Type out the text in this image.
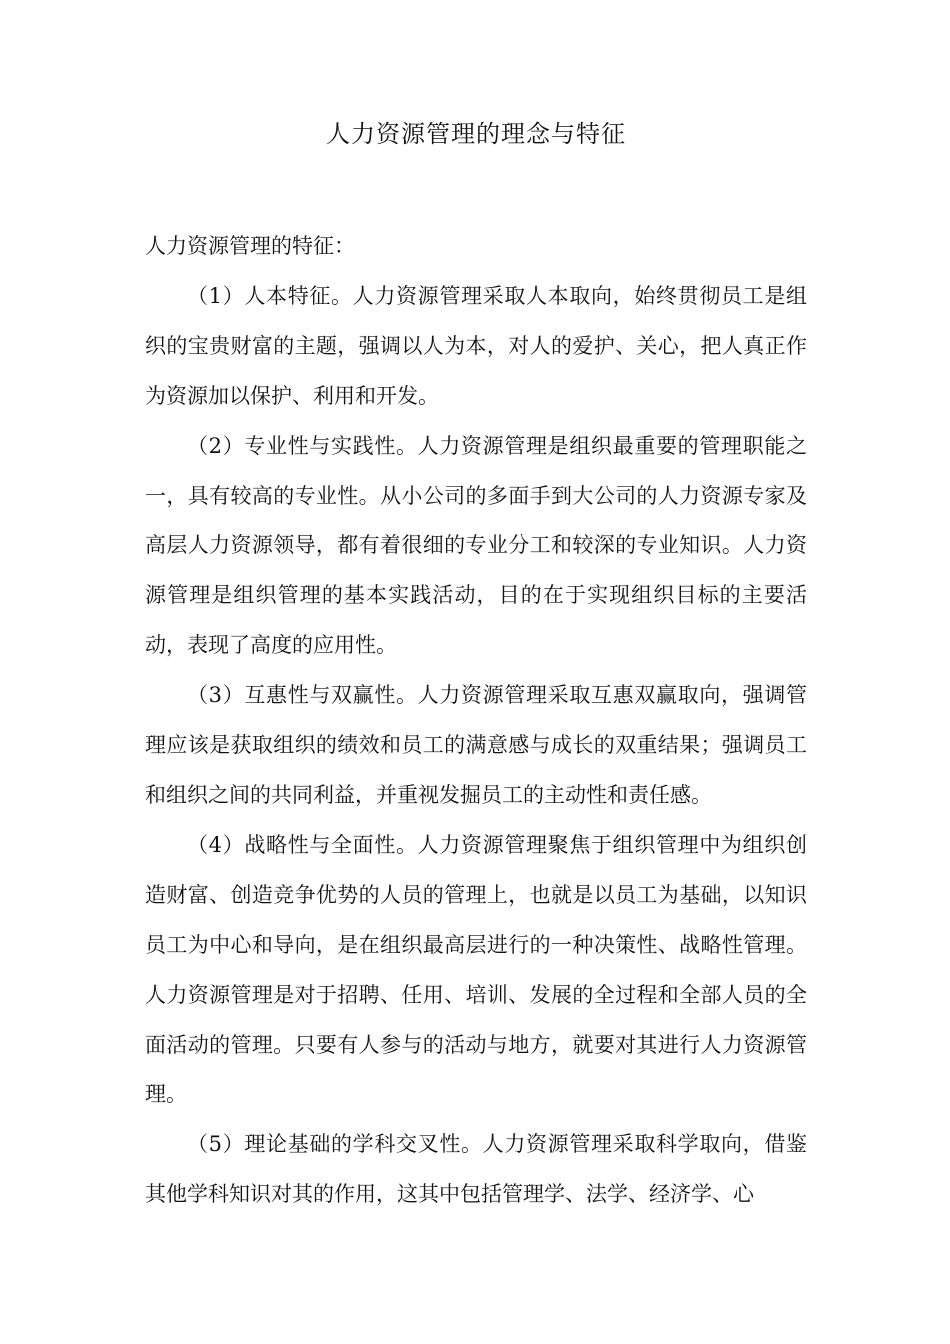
人力资源管理的理念与特征

人力资源管理的特征：

（1）人本特征。人力资源管理采取人本取向，始终贯彻员工是组织的宝贵财富的主题，强调以人为本，对人的爱护、关心，把人真正作为资源加以保护、利用和开发。

（2）专业性与实践性。人力资源管理是组织最重要的管理职能之一，具有较高的专业性。从小公司的多面手到大公司的人力资源专家及高层人力资源领导，都有着很细的专业分工和较深的专业知识。人力资源管理是组织管理的基本实践活动，目的在于实现组织目标的主要活动，表现了高度的应用性。

（3）互惠性与双赢性。人力资源管理采取互惠双赢取向，强调管理应该是获取组织的绩效和员工的满意感与成长的双重结果；强调员工和组织之间的共同利益，并重视发掘员工的主动性和责任感。

（4）战略性与全面性。人力资源管理聚焦于组织管理中为组织创造财富、创造竞争优势的人员的管理上，也就是以员工为基础，以知识员工为中心和导向，是在组织最高层进行的一种决策性、战略性管理。人力资源管理是对于招聘、任用、培训、发展的全过程和全部人员的全面活动的管理。只要有人参与的活动与地方，就要对其进行人力资源管理。

（5）理论基础的学科交叉性。人力资源管理采取科学取向，借鉴其他学科知识对其的作用，这其中包括管理学、法学、经济学、心
